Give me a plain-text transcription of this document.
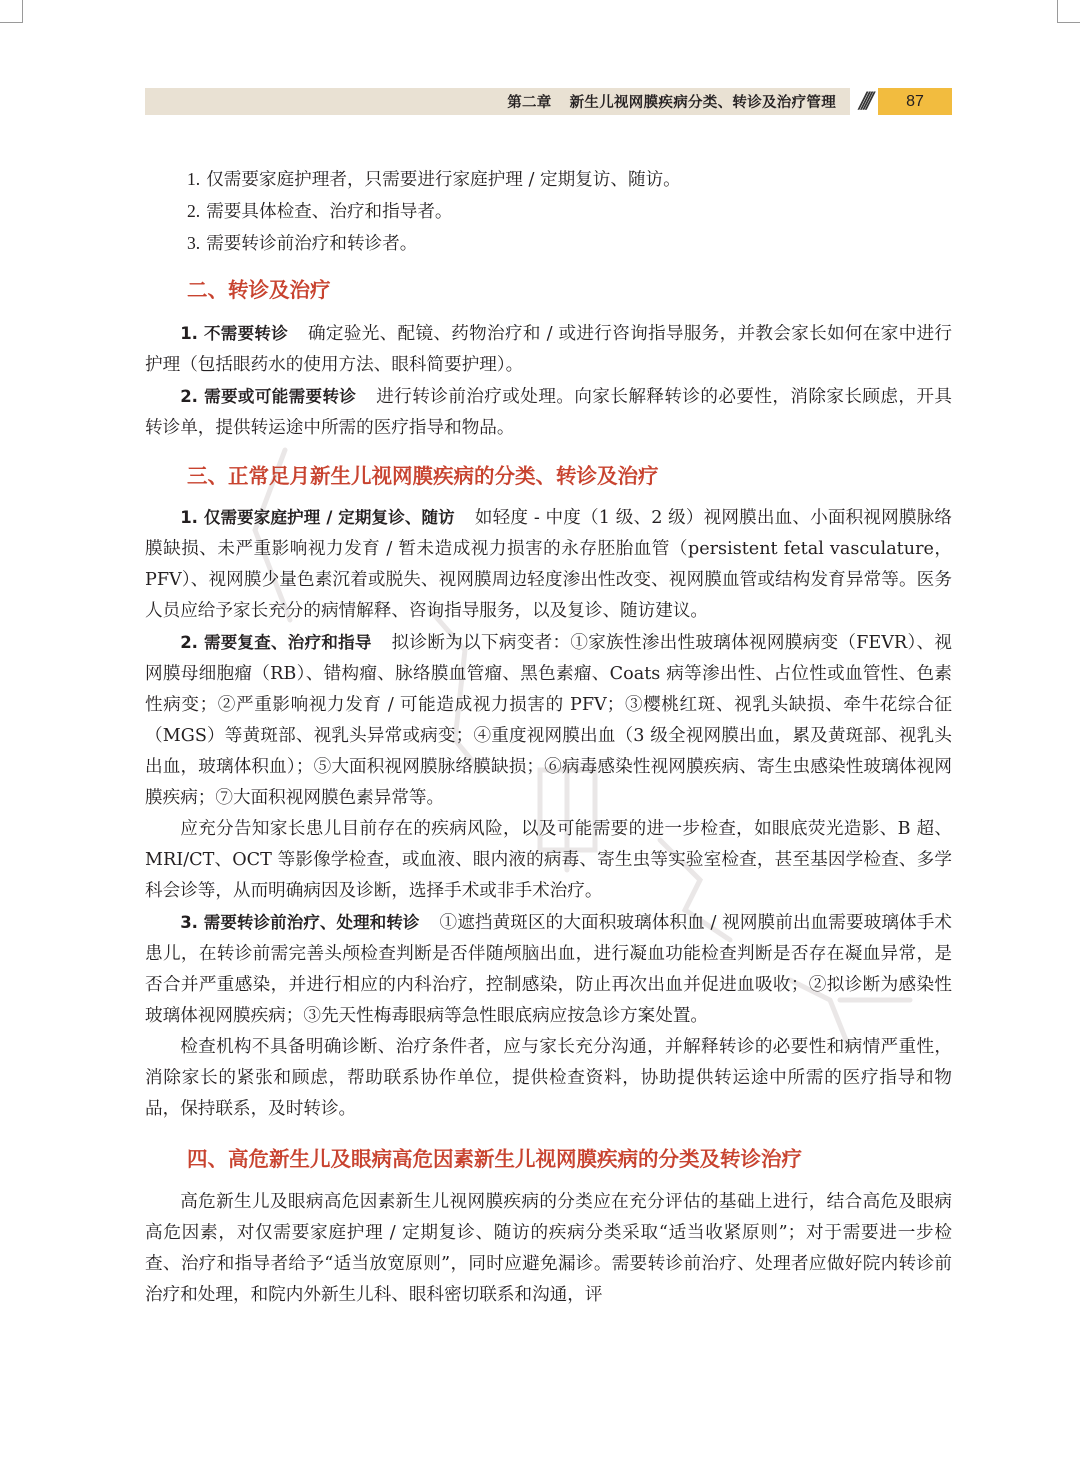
第二章 新生儿视网膜疾病分类、转诊及治疗管理	////	87

1. 仅需要家庭护理者，只需要进行家庭护理 / 定期复访、随访。

2. 需要具体检查、治疗和指导者。

3. 需要转诊前治疗和转诊者。

二、转诊及治疗

1. 不需要转诊 确定验光、配镜、药物治疗和 / 或进行咨询指导服务，并教会家长如何在家中进行护理（包括眼药水的使用方法、眼科简要护理）。

2. 需要或可能需要转诊 进行转诊前治疗或处理。向家长解释转诊的必要性，消除家长顾虑，开具转诊单，提供转运途中所需的医疗指导和物品。

三、正常足月新生儿视网膜疾病的分类、转诊及治疗

1. 仅需要家庭护理 / 定期复诊、随访 如轻度 - 中度（1 级、2 级）视网膜出血、小面积视网膜脉络膜缺损、未严重影响视力发育 / 暂未造成视力损害的永存胚胎血管（persistent fetal vasculature，PFV）、视网膜少量色素沉着或脱失、视网膜周边轻度渗出性改变、视网膜血管或结构发育异常等。医务人员应给予家长充分的病情解释、咨询指导服务，以及复诊、随访建议。

2. 需要复查、治疗和指导 拟诊断为以下病变者：①家族性渗出性玻璃体视网膜病变（FEVR）、视网膜母细胞瘤（RB）、错构瘤、脉络膜血管瘤、黑色素瘤、Coats 病等渗出性、占位性或血管性、色素性病变；②严重影响视力发育 / 可能造成视力损害的 PFV；③樱桃红斑、视乳头缺损、牵牛花综合征（MGS）等黄斑部、视乳头异常或病变；④重度视网膜出血（3 级全视网膜出血，累及黄斑部、视乳头出血，玻璃体积血）；⑤大面积视网膜脉络膜缺损；⑥病毒感染性视网膜疾病、寄生虫感染性玻璃体视网膜疾病；⑦大面积视网膜色素异常等。

应充分告知家长患儿目前存在的疾病风险，以及可能需要的进一步检查，如眼底荧光造影、B 超、MRI/CT、OCT 等影像学检查，或血液、眼内液的病毒、寄生虫等实验室检查，甚至基因学检查、多学科会诊等，从而明确病因及诊断，选择手术或非手术治疗。

3. 需要转诊前治疗、处理和转诊 ①遮挡黄斑区的大面积玻璃体积血 / 视网膜前出血需要玻璃体手术患儿，在转诊前需完善头颅检查判断是否伴随颅脑出血，进行凝血功能检查判断是否存在凝血异常，是否合并严重感染，并进行相应的内科治疗，控制感染，防止再次出血并促进血吸收；②拟诊断为感染性玻璃体视网膜疾病；③先天性梅毒眼病等急性眼底病应按急诊方案处置。

检查机构不具备明确诊断、治疗条件者，应与家长充分沟通，并解释转诊的必要性和病情严重性，消除家长的紧张和顾虑，帮助联系协作单位，提供检查资料，协助提供转运途中所需的医疗指导和物品，保持联系，及时转诊。

四、高危新生儿及眼病高危因素新生儿视网膜疾病的分类及转诊治疗

高危新生儿及眼病高危因素新生儿视网膜疾病的分类应在充分评估的基础上进行，结合高危及眼病高危因素，对仅需要家庭护理 / 定期复诊、随访的疾病分类采取“适当收紧原则”；对于需要进一步检查、治疗和指导者给予“适当放宽原则”，同时应避免漏诊。需要转诊前治疗、处理者应做好院内转诊前治疗和处理，和院内外新生儿科、眼科密切联系和沟通，评
